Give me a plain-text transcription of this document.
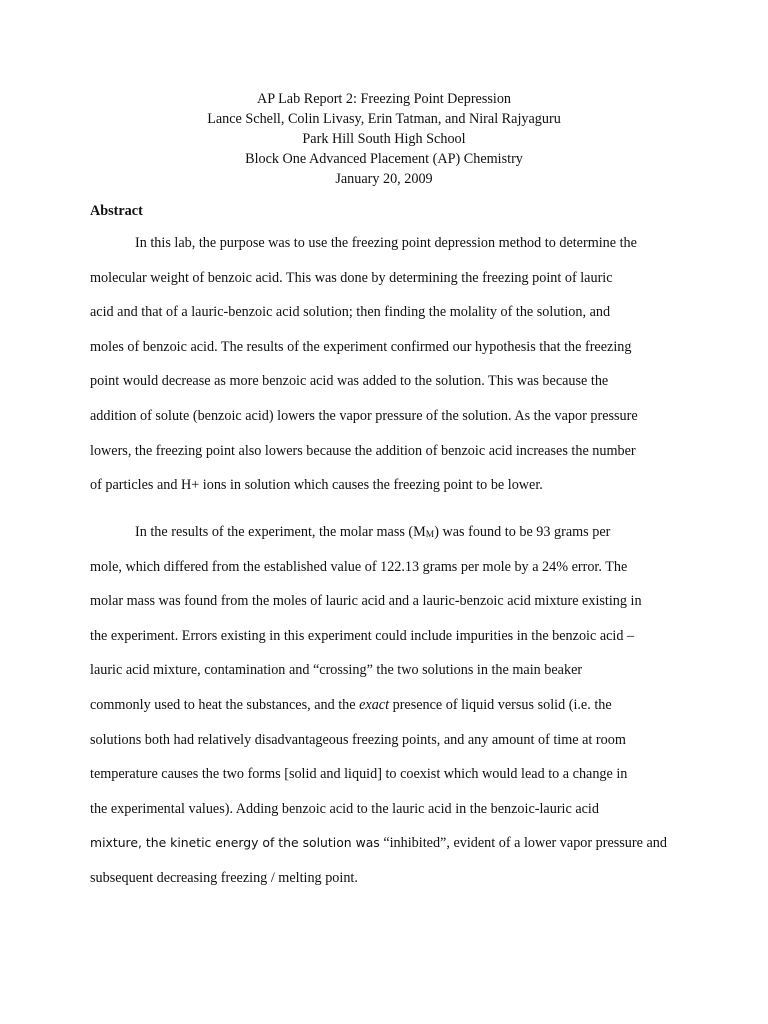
AP Lab Report 2: Freezing Point Depression
Lance Schell, Colin Livasy, Erin Tatman, and Niral Rajyaguru
Park Hill South High School
Block One Advanced Placement (AP) Chemistry
January 20, 2009
Abstract
In this lab, the purpose was to use the freezing point depression method to determine the
molecular weight of benzoic acid. This was done by determining the freezing point of lauric
acid and that of a lauric-benzoic acid solution; then finding the molality of the solution, and
moles of benzoic acid. The results of the experiment confirmed our hypothesis that the freezing
point would decrease as more benzoic acid was added to the solution. This was because the
addition of solute (benzoic acid) lowers the vapor pressure of the solution. As the vapor pressure
lowers, the freezing point also lowers because the addition of benzoic acid increases the number
of particles and H+ ions in solution which causes the freezing point to be lower.
In the results of the experiment, the molar mass (MM) was found to be 93 grams per
mole, which differed from the established value of 122.13 grams per mole by a 24% error. The
molar mass was found from the moles of lauric acid and a lauric-benzoic acid mixture existing in
the experiment. Errors existing in this experiment could include impurities in the benzoic acid –
lauric acid mixture, contamination and “crossing” the two solutions in the main beaker
commonly used to heat the substances, and the exact presence of liquid versus solid (i.e. the
solutions both had relatively disadvantageous freezing points, and any amount of time at room
temperature causes the two forms [solid and liquid] to coexist which would lead to a change in
the experimental values). Adding benzoic acid to the lauric acid in the benzoic-lauric acid
mixture, the kinetic energy of the solution was “inhibited”, evident of a lower vapor pressure and
subsequent decreasing freezing / melting point.
